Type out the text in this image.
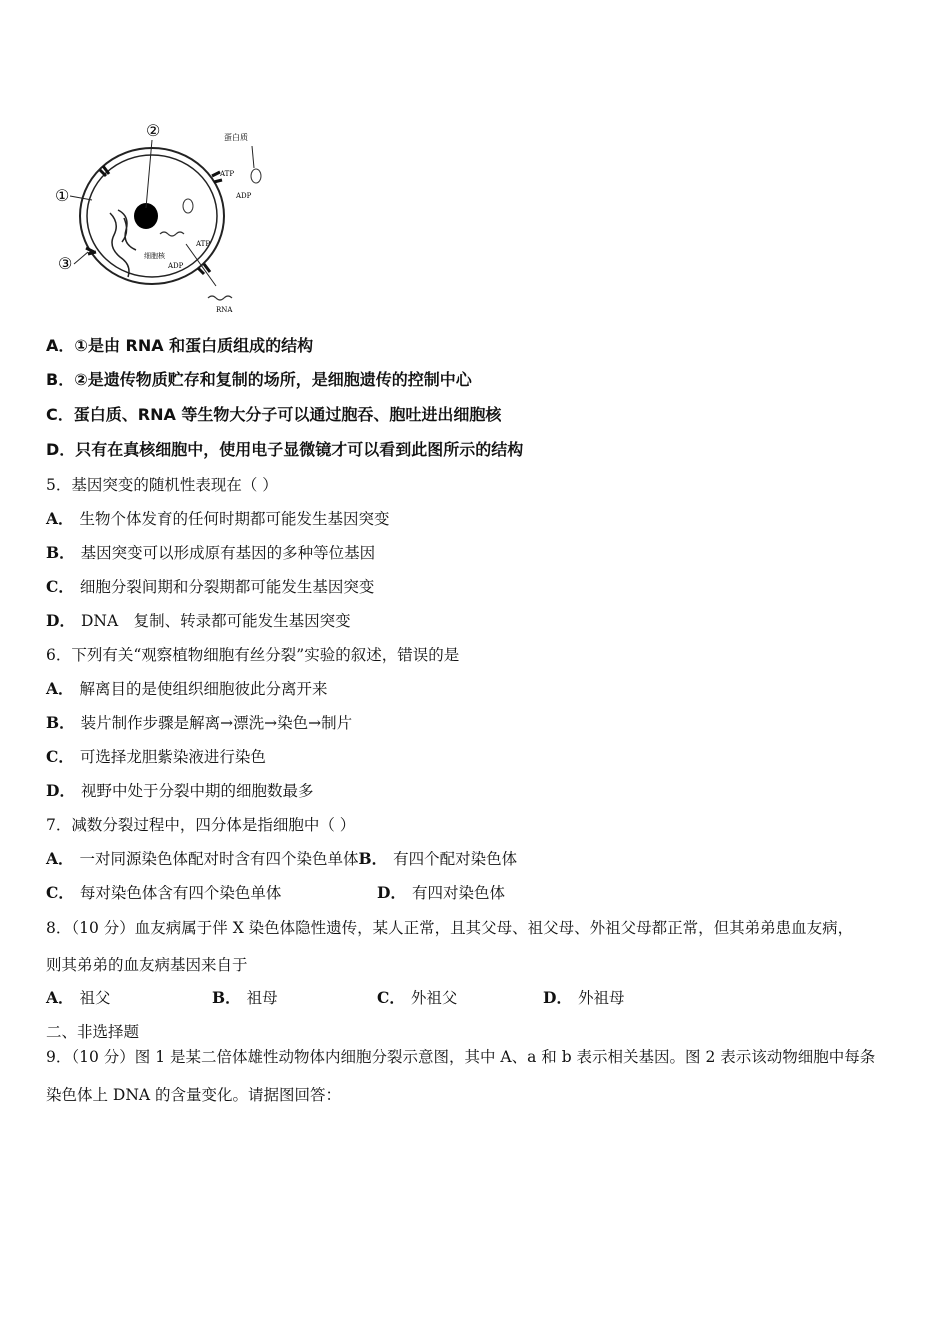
①
②
③
蛋白质
ATP
ADP
ATP
ADP
细胞核
RNA
A．①是由 RNA 和蛋白质组成的结构
B．②是遗传物质贮存和复制的场所，是细胞遗传的控制中心
C．蛋白质、RNA 等生物大分子可以通过胞吞、胞吐进出细胞核
D．只有在真核细胞中，使用电子显微镜才可以看到此图所示的结构
5．基因突变的随机性表现在（ ）
A． 生物个体发育的任何时期都可能发生基因突变
B． 基因突变可以形成原有基因的多种等位基因
C． 细胞分裂间期和分裂期都可能发生基因突变
D． DNA　复制、转录都可能发生基因突变
6．下列有关“观察植物细胞有丝分裂”实验的叙述，错误的是
A． 解离目的是使组织细胞彼此分离开来
B． 装片制作步骤是解离→漂洗→染色→制片
C． 可选择龙胆紫染液进行染色
D． 视野中处于分裂中期的细胞数最多
7．减数分裂过程中，四分体是指细胞中（ ）
A． 一对同源染色体配对时含有四个染色单体B． 有四个配对染色体
C． 每对染色体含有四个染色单体	D． 有四对染色体
8．（10 分）血友病属于伴 X 染色体隐性遗传，某人正常，且其父母、祖父母、外祖父母都正常，但其弟弟患血友病，
则其弟弟的血友病基因来自于
A． 祖父	B． 祖母	C． 外祖父	D． 外祖母
二、非选择题
9．（10 分）图 1 是某二倍体雄性动物体内细胞分裂示意图，其中 A、a 和 b 表示相关基因。图 2 表示该动物细胞中每条
染色体上 DNA 的含量变化。请据图回答：
